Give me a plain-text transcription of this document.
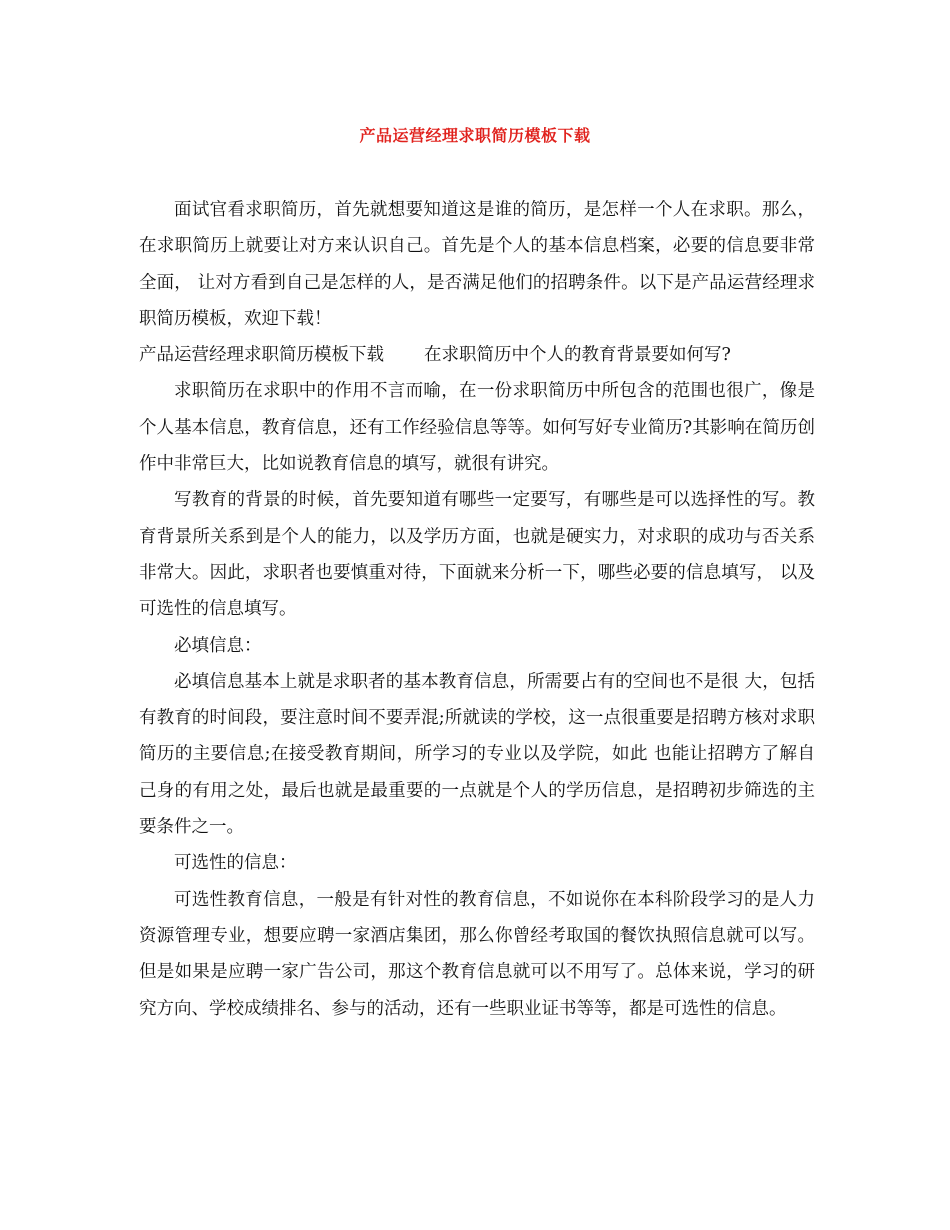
产品运营经理求职简历模板下载

面试官看求职简历，首先就想要知道这是谁的简历，是怎样一个人在求职。那么，在求职简历上就要让对方来认识自己。首先是个人的基本信息档案，必要的信息要非常全面， 让对方看到自己是怎样的人，是否满足他们的招聘条件。以下是产品运营经理求职简历模板，欢迎下载！

产品运营经理求职简历模板下载 在求职简历中个人的教育背景要如何写?

求职简历在求职中的作用不言而喻，在一份求职简历中所包含的范围也很广，像是个人基本信息，教育信息，还有工作经验信息等等。如何写好专业简历?其影响在简历创作中非常巨大，比如说教育信息的填写，就很有讲究。

写教育的背景的时候，首先要知道有哪些一定要写，有哪些是可以选择性的写。教育背景所关系到是个人的能力，以及学历方面，也就是硬实力，对求职的成功与否关系非常大。因此，求职者也要慎重对待，下面就来分析一下，哪些必要的信息填写， 以及可选性的信息填写。

必填信息：

必填信息基本上就是求职者的基本教育信息，所需要占有的空间也不是很 大，包括有教育的时间段，要注意时间不要弄混;所就读的学校，这一点很重要是招聘方核对求职简历的主要信息;在接受教育期间，所学习的专业以及学院，如此 也能让招聘方了解自己身的有用之处，最后也就是最重要的一点就是个人的学历信息，是招聘初步筛选的主要条件之一。

可选性的信息：

可选性教育信息，一般是有针对性的教育信息，不如说你在本科阶段学习的是人力资源管理专业，想要应聘一家酒店集团，那么你曾经考取国的餐饮执照信息就可以写。但是如果是应聘一家广告公司，那这个教育信息就可以不用写了。总体来说，学习的研究方向、学校成绩排名、参与的活动，还有一些职业证书等等，都是可选性的信息。
